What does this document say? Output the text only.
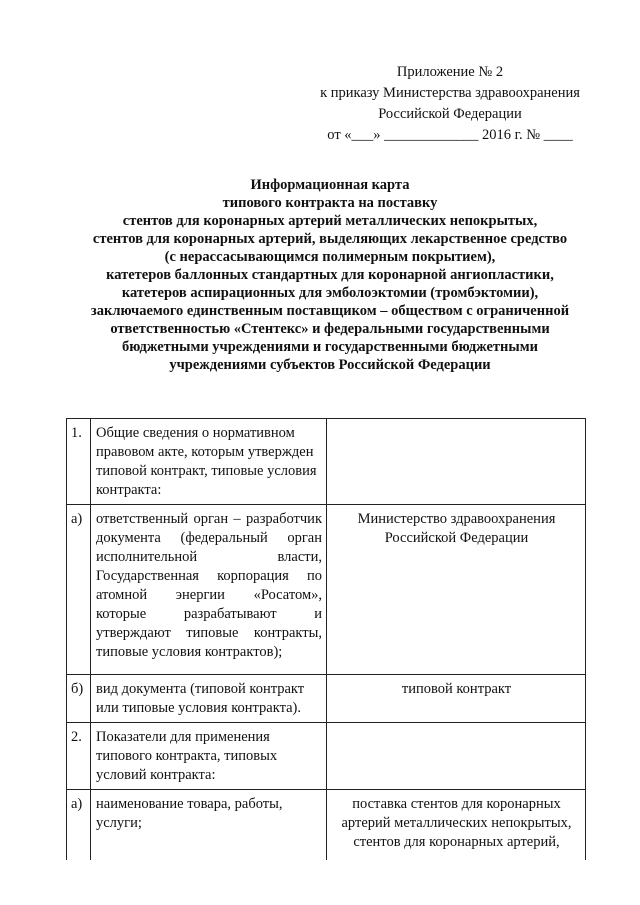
Приложение № 2
к приказу Министерства здравоохранения
Российской Федерации
от «___» _____________ 2016 г. № ____
Информационная карта
типового контракта на поставку
стентов для коронарных артерий металлических непокрытых,
стентов для коронарных артерий, выделяющих лекарственное средство
(с нерассасывающимся полимерным покрытием),
катетеров баллонных стандартных для коронарной ангиопластики,
катетеров аспирационных для эмболоэктомии (тромбэктомии),
заключаемого единственным поставщиком – обществом с ограниченной
ответственностью «Стентекс» и федеральными государственными
бюджетными учреждениями и государственными бюджетными
учреждениями субъектов Российской Федерации
1.	Общие сведения о нормативном правовом акте, которым утвержден типовой контракт, типовые условия контракта:	
а)	ответственный орган – разработчик документа (федеральный орган исполнительной власти, Государственная корпорация по атомной энергии «Росатом», которые разрабатывают и утверждают типовые контракты, типовые условия контрактов);	Министерство здравоохранения Российской Федерации
б)	вид документа (типовой контракт или типовые условия контракта).	типовой контракт
2.	Показатели для применения типового контракта, типовых условий контракта:	
а)	наименование товара, работы, услуги;	поставка стентов для коронарных артерий металлических непокрытых, стентов для коронарных артерий,
